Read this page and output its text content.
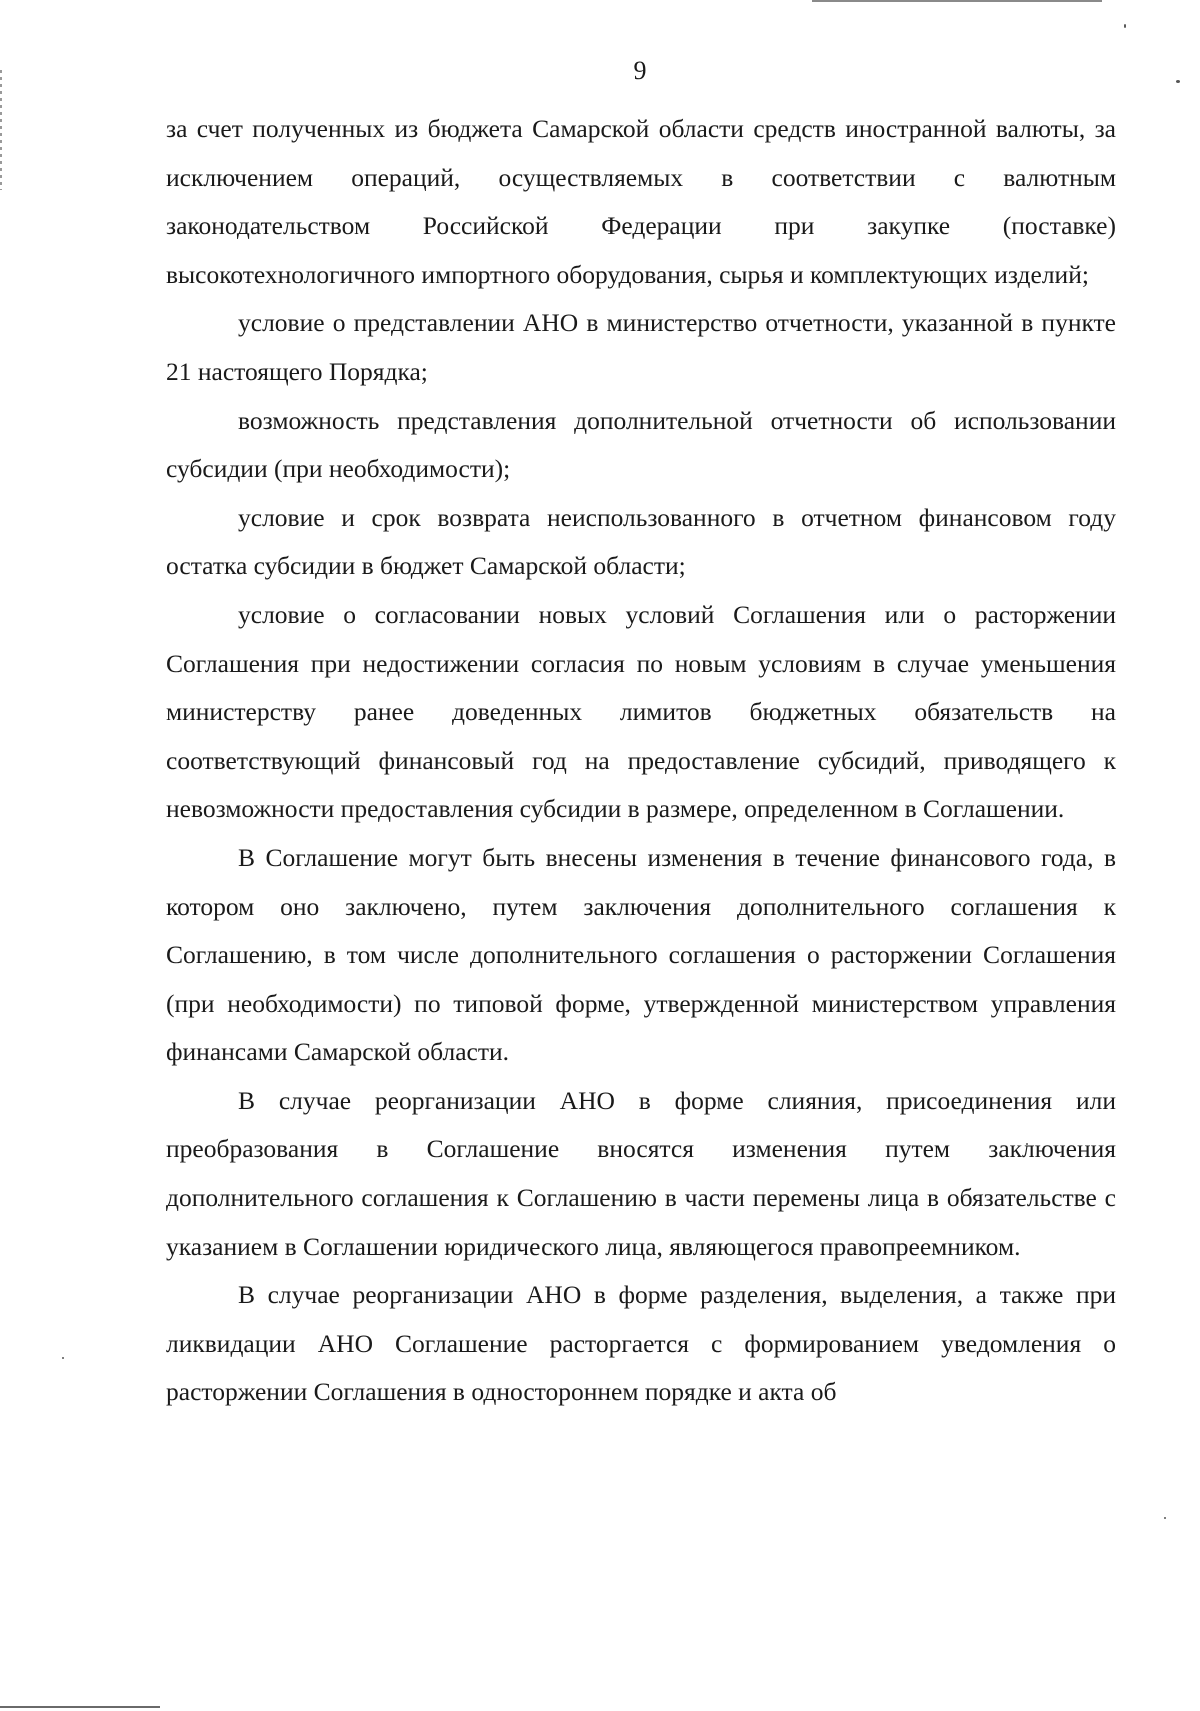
9

за счет полученных из бюджета Самарской области средств иностранной валюты, за исключением операций, осуществляемых в соответствии с валютным законодательством Российской Федерации при закупке (поставке) высокотехнологичного импортного оборудования, сырья и комплектующих изделий;

условие о представлении АНО в министерство отчетности, указанной в пункте 21 настоящего Порядка;

возможность представления дополнительной отчетности об использовании субсидии (при необходимости);

условие и срок возврата неиспользованного в отчетном финансовом году остатка субсидии в бюджет Самарской области;

условие о согласовании новых условий Соглашения или о расторжении Соглашения при недостижении согласия по новым условиям в случае уменьшения министерству ранее доведенных лимитов бюджетных обязательств на соответствующий финансовый год на предоставление субсидий, приводящего к невозможности предоставления субсидии в размере, определенном в Соглашении.

В Соглашение могут быть внесены изменения в течение финансового года, в котором оно заключено, путем заключения дополнительного соглашения к Соглашению, в том числе дополнительного соглашения о расторжении Соглашения (при необходимости) по типовой форме, утвержденной министерством управления финансами Самарской области.

В случае реорганизации АНО в форме слияния, присоединения или преобразования в Соглашение вносятся изменения путем заключения дополнительного соглашения к Соглашению в части перемены лица в обязательстве с указанием в Соглашении юридического лица, являющегося правопреемником.

В случае реорганизации АНО в форме разделения, выделения, а также при ликвидации АНО Соглашение расторгается с формированием уведомления о расторжении Соглашения в одностороннем порядке и акта об
